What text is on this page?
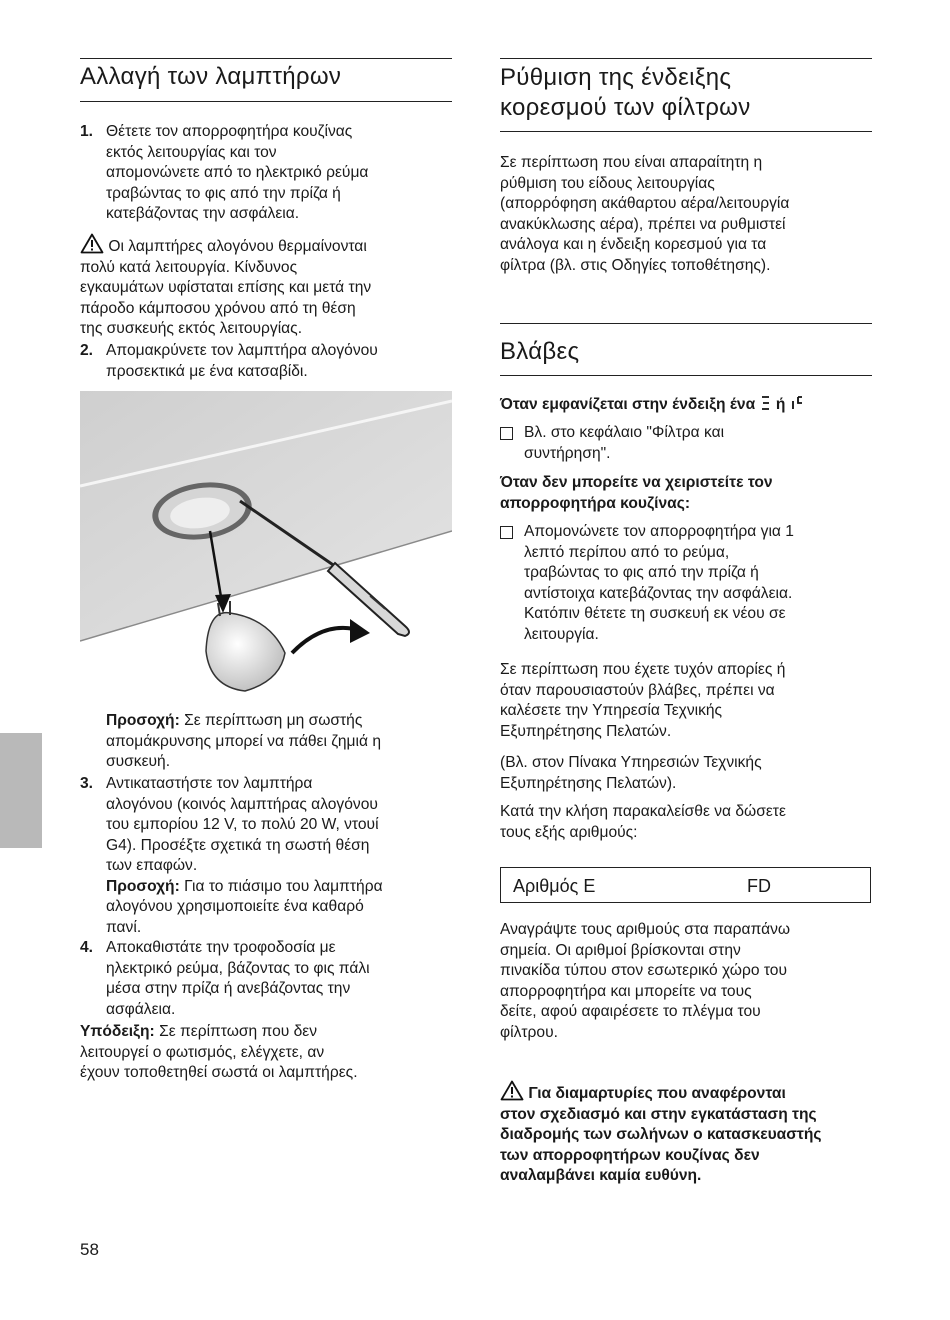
Αλλαγή των λαμπτήρων
1. Θέτετε τον απορροφητήρα κουζίνας
εκτός λειτουργίας και τον
απομονώνετε από το ηλεκτρικό ρεύμα
τραβώντας το φις από την πρίζα ή
κατεβάζοντας την ασφάλεια.
Οι λαμπτήρες αλογόνου θερμαίνονται
πολύ κατά λειτουργία. Κίνδυνος
εγκαυμάτων υφίσταται επίσης και μετά την
πάροδο κάμποσου χρόνου από τη θέση
της συσκευής εκτός λειτουργίας.
2. Απομακρύνετε τον λαμπτήρα αλογόνου
προσεκτικά με ένα κατσαβίδι.
Προσοχή: Σε περίπτωση μη σωστής
απομάκρυνσης μπορεί να πάθει ζημιά η
συσκευή.
3. Αντικαταστήστε τον λαμπτήρα
αλογόνου (κοινός λαμπτήρας αλογόνου
του εμπορίου 12 V, το πολύ 20 W, ντουί
G4). Προσέξτε σχετικά τη σωστή θέση
των επαφών.
Προσοχή: Για το πιάσιμο του λαμπτήρα
αλογόνου χρησιμοποιείτε ένα καθαρό
πανί.
4. Αποκαθιστάτε την τροφοδοσία με
ηλεκτρικό ρεύμα, βάζοντας το φις πάλι
μέσα στην πρίζα ή ανεβάζοντας την
ασφάλεια.
Υπόδειξη: Σε περίπτωση που δεν
λειτουργεί ο φωτισμός, ελέγχετε, αν
έχουν τοποθετηθεί σωστά οι λαμπτήρες.
Ρύθμιση της ένδειξης
κορεσμού των φίλτρων
Σε περίπτωση που είναι απαραίτητη η
ρύθμιση του είδους λειτουργίας
(απορρόφηση ακάθαρτου αέρα/λειτουργία
ανακύκλωσης αέρα), πρέπει να ρυθμιστεί
ανάλογα και η ένδειξη κορεσμού για τα
φίλτρα (βλ. στις Οδηγίες τοποθέτησης).
Βλάβες
Όταν εμφανίζεται στην ένδειξη ένα ή
Βλ. στο κεφάλαιο "Φίλτρα και
συντήρηση".
Όταν δεν μπορείτε να χειριστείτε τον
απορροφητήρα κουζίνας:
Απομονώνετε τον απορροφητήρα για 1
λεπτό περίπου από το ρεύμα,
τραβώντας το φις από την πρίζα ή
αντίστοιχα κατεβάζοντας την ασφάλεια.
Κατόπιν θέτετε τη συσκευή εκ νέου σε
λειτουργία.
Σε περίπτωση που έχετε τυχόν απορίες ή
όταν παρουσιαστούν βλάβες, πρέπει να
καλέσετε την Υπηρεσία Τεχνικής
Εξυπηρέτησης Πελατών.
(Βλ. στον Πίνακα Υπηρεσιών Τεχνικής
Εξυπηρέτησης Πελατών).
Κατά την κλήση παρακαλείσθε να δώσετε
τους εξής αριθμούς:
Αριθμός E	FD
Αναγράψτε τους αριθμούς στα παραπάνω
σημεία. Οι αριθμοί βρίσκονται στην
πινακίδα τύπου στον εσωτερικό χώρο του
απορροφητήρα και μπορείτε να τους
δείτε, αφού αφαιρέσετε το πλέγμα του
φίλτρου.
Για διαμαρτυρίες που αναφέρονται
στον σχεδιασμό και στην εγκατάσταση της
διαδρομής των σωλήνων ο κατασκευαστής
των απορροφητήρων κουζίνας δεν
αναλαμβάνει καμία ευθύνη.
58
